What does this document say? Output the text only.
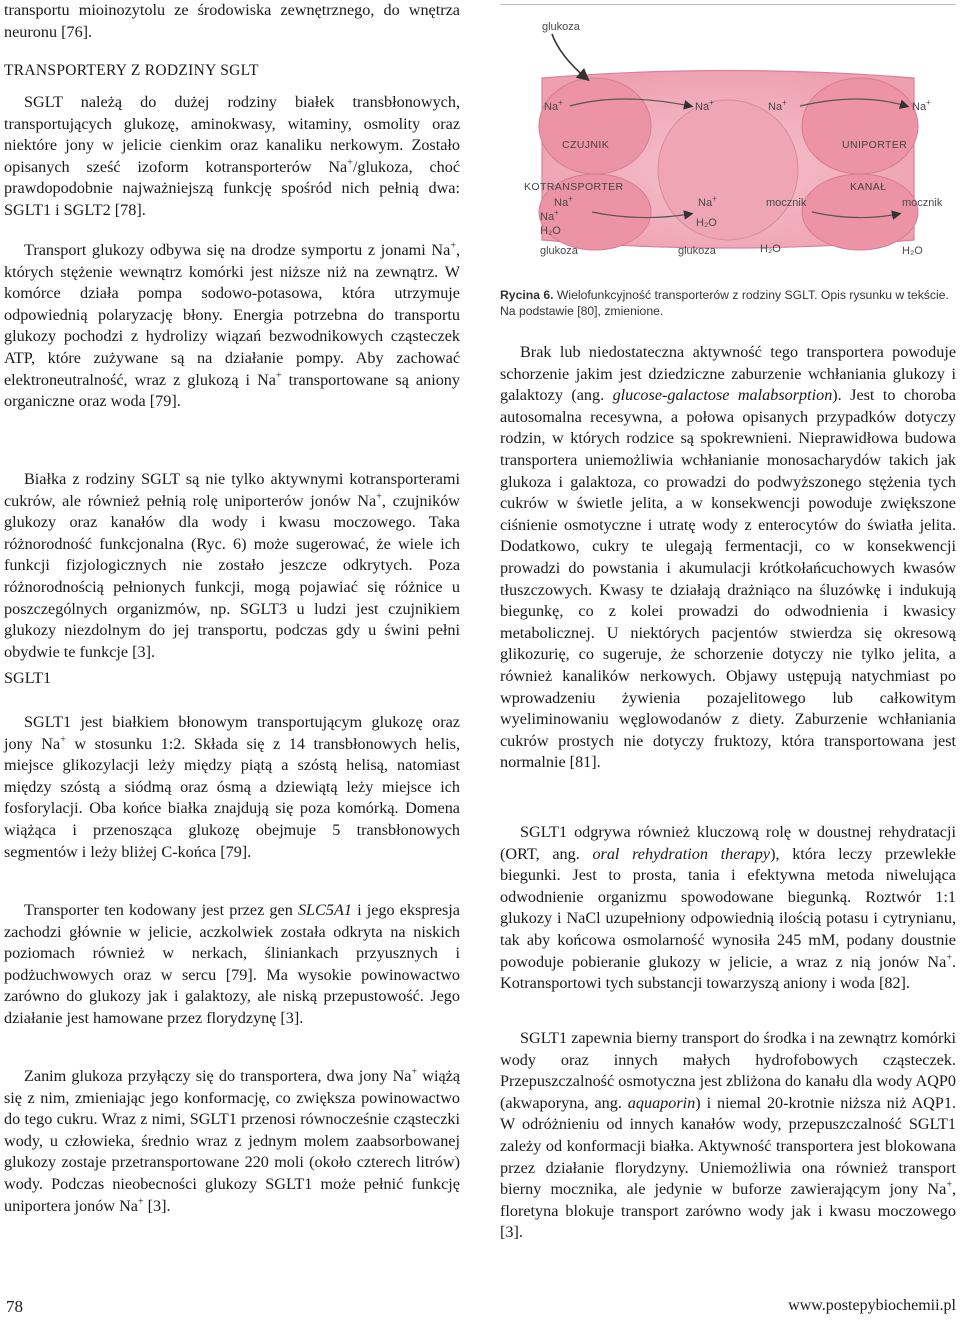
transportu mioinozytolu ze środowiska zewnętrznego, do wnętrza neuronu [76].

TRANSPORTERY Z RODZINY SGLT

SGLT należą do dużej rodziny białek transbłonowych, transportujących glukozę, aminokwasy, witaminy, osmolity oraz niektóre jony w jelicie cienkim oraz kanaliku nerkowym. Zostało opisanych sześć izoform kotransporterów Na+/glukoza, choć prawdopodobnie najważniejszą funkcję spośród nich pełnią dwa: SGLT1 i SGLT2 [78].

Transport glukozy odbywa się na drodze symportu z jonami Na+, których stężenie wewnątrz komórki jest niższe niż na zewnątrz. W komórce działa pompa sodowo-potasowa, która utrzymuje odpowiednią polaryzację błony. Energia potrzebna do transportu glukozy pochodzi z hydrolizy wiązań bezwodnikowych cząsteczek ATP, które zużywane są na działanie pompy. Aby zachować elektroneutralność, wraz z glukozą i Na+ transportowane są aniony organiczne oraz woda [79].

Białka z rodziny SGLT są nie tylko aktywnymi kotransporterami cukrów, ale również pełnią rolę uniporterów jonów Na+, czujników glukozy oraz kanałów dla wody i kwasu moczowego. Taka różnorodność funkcjonalna (Ryc. 6) może sugerować, że wiele ich funkcji fizjologicznych nie zostało jeszcze odkrytych. Poza różnorodnością pełnionych funkcji, mogą pojawiać się różnice u poszczególnych organizmów, np. SGLT3 u ludzi jest czujnikiem glukozy niezdolnym do jej transportu, podczas gdy u świni pełni obydwie te funkcje [3].

SGLT1

SGLT1 jest białkiem błonowym transportującym glukozę oraz jony Na+ w stosunku 1:2. Składa się z 14 transbłonowych helis, miejsce glikozylacji leży między piątą a szóstą helisą, natomiast między szóstą a siódmą oraz ósmą a dziewiątą leży miejsce ich fosforylacji. Oba końce białka znajdują się poza komórką. Domena wiążąca i przenosząca glukozę obejmuje 5 transbłonowych segmentów i leży bliżej C-końca [79].

Transporter ten kodowany jest przez gen SLC5A1 i jego ekspresja zachodzi głównie w jelicie, aczkolwiek została odkryta na niskich poziomach również w nerkach, śliniankach przyusznych i podżuchwowych oraz w sercu [79]. Ma wysokie powinowactwo zarówno do glukozy jak i galaktozy, ale niską przepustowość. Jego działanie jest hamowane przez florydzynę [3].

Zanim glukoza przyłączy się do transportera, dwa jony Na+ wiążą się z nim, zmieniając jego konformację, co zwiększa powinowactwo do tego cukru. Wraz z nimi, SGLT1 przenosi równocześnie cząsteczki wody, u człowieka, średnio wraz z jednym molem zaabsorbowanej glukozy zostaje przetransportowane 220 moli (około czterech litrów) wody. Podczas nieobecności glukozy SGLT1 może pełnić funkcję uniportera jonów Na+ [3].

glukoza
Na+	Na+	Na+	Na+
CZUJNIK	UNIPORTER
KOTRANSPORTER	KANAŁ
Na+
Na+
H₂O
glukoza
Na+
H₂O
glukoza
mocznik
H₂O
mocznik
H₂O
Rycina 6. Wielofunkcyjność transporterów z rodziny SGLT. Opis rysunku w tekście. Na podstawie [80], zmienione.

Brak lub niedostateczna aktywność tego transportera powoduje schorzenie jakim jest dziedziczne zaburzenie wchłaniania glukozy i galaktozy (ang. glucose-galactose malabsorption). Jest to choroba autosomalna recesywna, a połowa opisanych przypadków dotyczy rodzin, w których rodzice są spokrewnieni. Nieprawidłowa budowa transportera uniemożliwia wchłanianie monosacharydów takich jak glukoza i galaktoza, co prowadzi do podwyższonego stężenia tych cukrów w świetle jelita, a w konsekwencji powoduje zwiększone ciśnienie osmotyczne i utratę wody z enterocytów do światła jelita. Dodatkowo, cukry te ulegają fermentacji, co w konsekwencji prowadzi do powstania i akumulacji krótkołańcuchowych kwasów tłuszczowych. Kwasy te działają drażniąco na śluzówkę i indukują biegunkę, co z kolei prowadzi do odwodnienia i kwasicy metabolicznej. U niektórych pacjentów stwierdza się okresową glikozurię, co sugeruje, że schorzenie dotyczy nie tylko jelita, a również kanalików nerkowych. Objawy ustępują natychmiast po wprowadzeniu żywienia pozajelitowego lub całkowitym wyeliminowaniu węglowodanów z diety. Zaburzenie wchłaniania cukrów prostych nie dotyczy fruktozy, która transportowana jest normalnie [81].

SGLT1 odgrywa również kluczową rolę w doustnej rehydratacji (ORT, ang. oral rehydration therapy), która leczy przewlekłe biegunki. Jest to prosta, tania i efektywna metoda niwelująca odwodnienie organizmu spowodowane biegunką. Roztwór 1:1 glukozy i NaCl uzupełniony odpowiednią ilością potasu i cytrynianu, tak aby końcowa osmolarność wynosiła 245 mM, podany doustnie powoduje pobieranie glukozy w jelicie, a wraz z nią jonów Na+. Kotransportowi tych substancji towarzyszą aniony i woda [82].

SGLT1 zapewnia bierny transport do środka i na zewnątrz komórki wody oraz innych małych hydrofobowych cząsteczek. Przepuszczalność osmotyczna jest zbliżona do kanału dla wody AQP0 (akwaporyna, ang. aquaporin) i niemal 20-krotnie niższa niż AQP1. W odróżnieniu od innych kanałów wody, przepuszczalność SGLT1 zależy od konformacji białka. Aktywność transportera jest blokowana przez działanie florydzyny. Uniemożliwia ona również transport bierny mocznika, ale jedynie w buforze zawierającym jony Na+, floretyna blokuje transport zarówno wody jak i kwasu moczowego [3].

78	www.postepybiochemii.pl
